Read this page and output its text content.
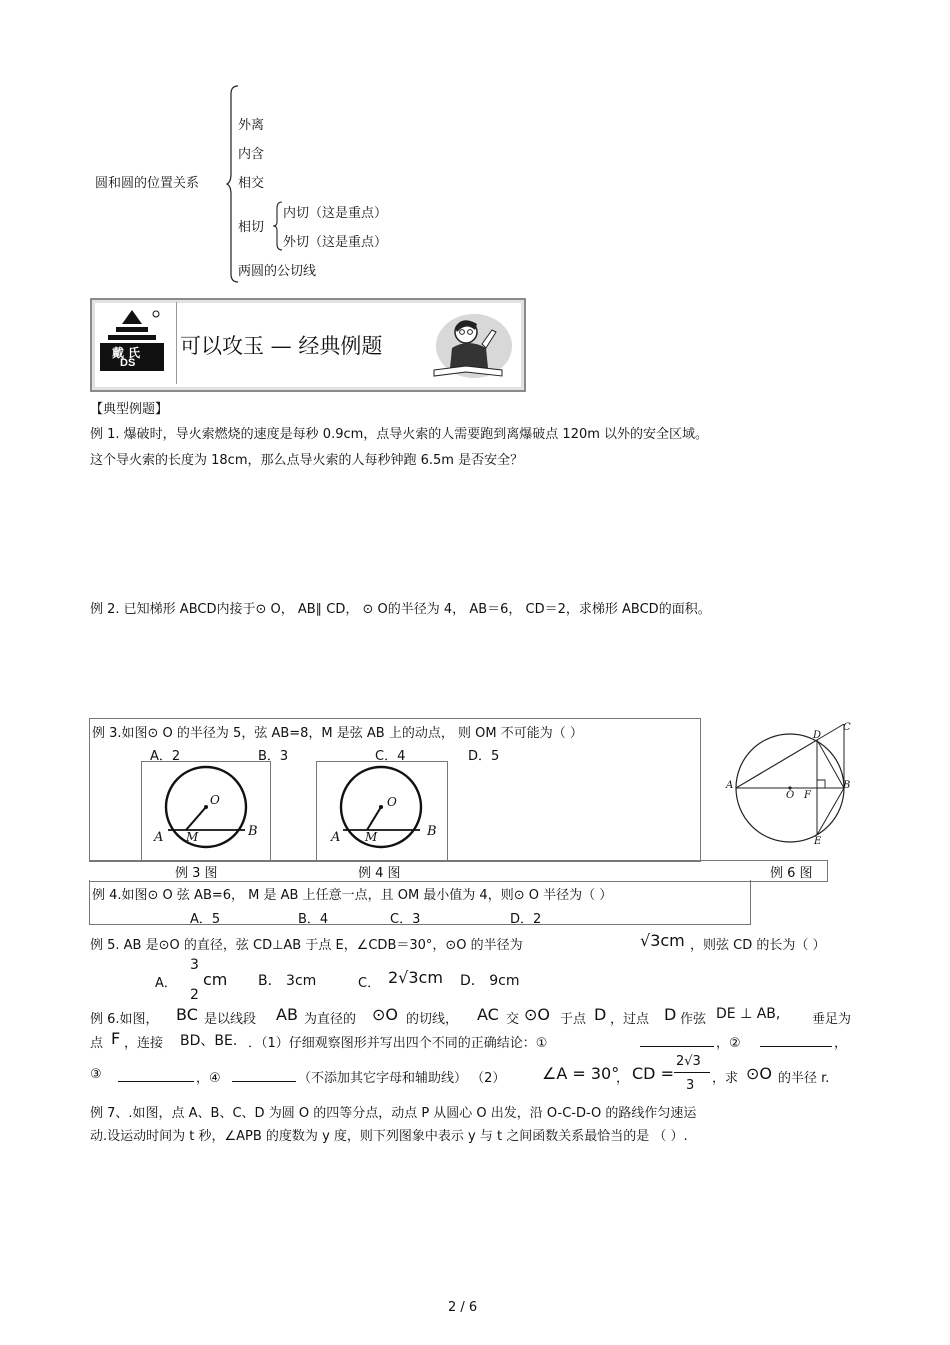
圆和圆的位置关系
外离
内含
相交
相切
内切（这是重点）
外切（这是重点）
两圆的公切线
戴氏
DS
可以攻玉 — 经典例题
【典型例题】
例 1. 爆破时，导火索燃烧的速度是每秒 0.9cm，点导火索的人需要跑到离爆破点 120m 以外的安全区域。
这个导火索的长度为 18cm，那么点导火索的人每秒钟跑 6.5m 是否安全？
例 2. 已知梯形 ABCD内接于⊙ O， AB∥ CD， ⊙ O的半径为 4， AB＝6， CD＝2，求梯形 ABCD的面积。
例 3.如图⊙ O 的半径为 5，弦 AB=8，M 是弦 AB 上的动点， 则 OM 不可能为（ ）
A．2	B．3	C．4	D．5
O
M
A	B
O
M
A	B
例 3 图	例 4 图	例 6 图
A
O F
B
C
D
E
例 4.如图⊙ O 弦 AB=6， M 是 AB 上任意一点，且 OM 最小值为 4，则⊙ O 半径为（ ）
A．5	B．4	C．3	D．2
例 5. AB 是⊙O 的直径，弦 CD⊥AB 于点 E，∠CDB＝30°，⊙O 的半径为	√3cm ，则弦 CD 的长为（ ）
A．
3
2
cm B． 3cm	C． 2√3cm D． 9cm
例 6.如图， BC 是以线段 AB 为直径的 ⊙O 的切线， AC 交 ⊙O 于点 D ，过点 D 作弦 DE ⊥ AB, 垂足为
点 F ，连接 BD、BE. ．（1）仔细观察图形并写出四个不同的正确结论：①	，②	，
③	，④	（不添加其它字母和辅助线） （2） ∠A = 30°
， CD =
2√3
3 ，求 ⊙O 的半径 r.
例 7、.如图，点 A、B、C、D 为圆 O 的四等分点，动点 P 从圆心 O 出发，沿 O-C-D-O 的路线作匀速运
动.设运动时间为 t 秒，∠APB 的度数为 y 度，则下列图象中表示 y 与 t 之间函数关系最恰当的是 （ ）.
2 / 6
